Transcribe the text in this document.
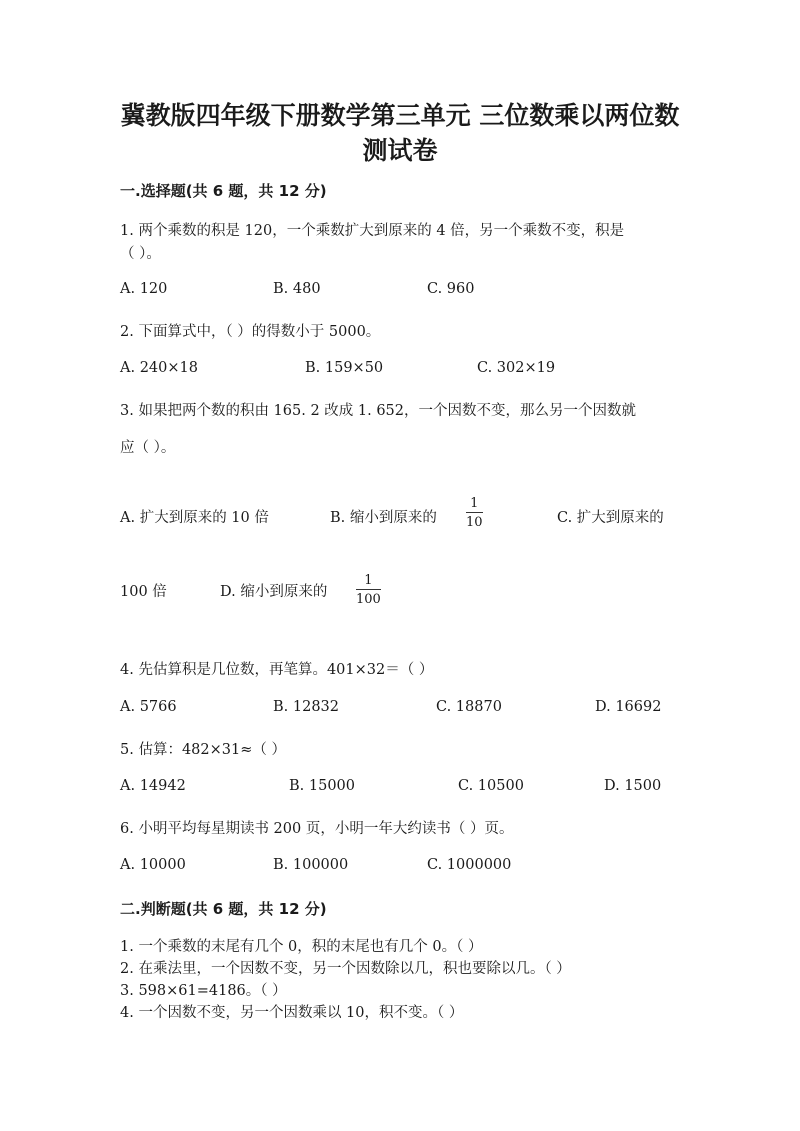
冀教版四年级下册数学第三单元 三位数乘以两位数
测试卷
一.选择题(共 6 题，共 12 分)
1. 两个乘数的积是 120，一个乘数扩大到原来的 4 倍，另一个乘数不变，积是
（ ）。
A. 120	B. 480	C. 960
2. 下面算式中，（ ）的得数小于 5000。
A. 240×18	B. 159×50	C. 302×19
3. 如果把两个数的积由 165. 2 改成 1. 652，一个因数不变，那么另一个因数就
应（ ）。
A. 扩大到原来的 10 倍	B. 缩小到原来的
1
10	C. 扩大到原来的
100 倍	D. 缩小到原来的
1
100
4. 先估算积是几位数，再笔算。401×32＝（ ）
A. 5766	B. 12832	C. 18870	D. 16692
5. 估算：482×31≈（ ）
A. 14942	B. 15000	C. 10500	D. 1500
6. 小明平均每星期读书 200 页，小明一年大约读书（ ）页。
A. 10000	B. 100000	C. 1000000
二.判断题(共 6 题，共 12 分)
1. 一个乘数的末尾有几个 0，积的末尾也有几个 0。（ ）
2. 在乘法里，一个因数不变，另一个因数除以几，积也要除以几。（ ）
3. 598×61=4186。（ ）
4. 一个因数不变，另一个因数乘以 10，积不变。（ ）
